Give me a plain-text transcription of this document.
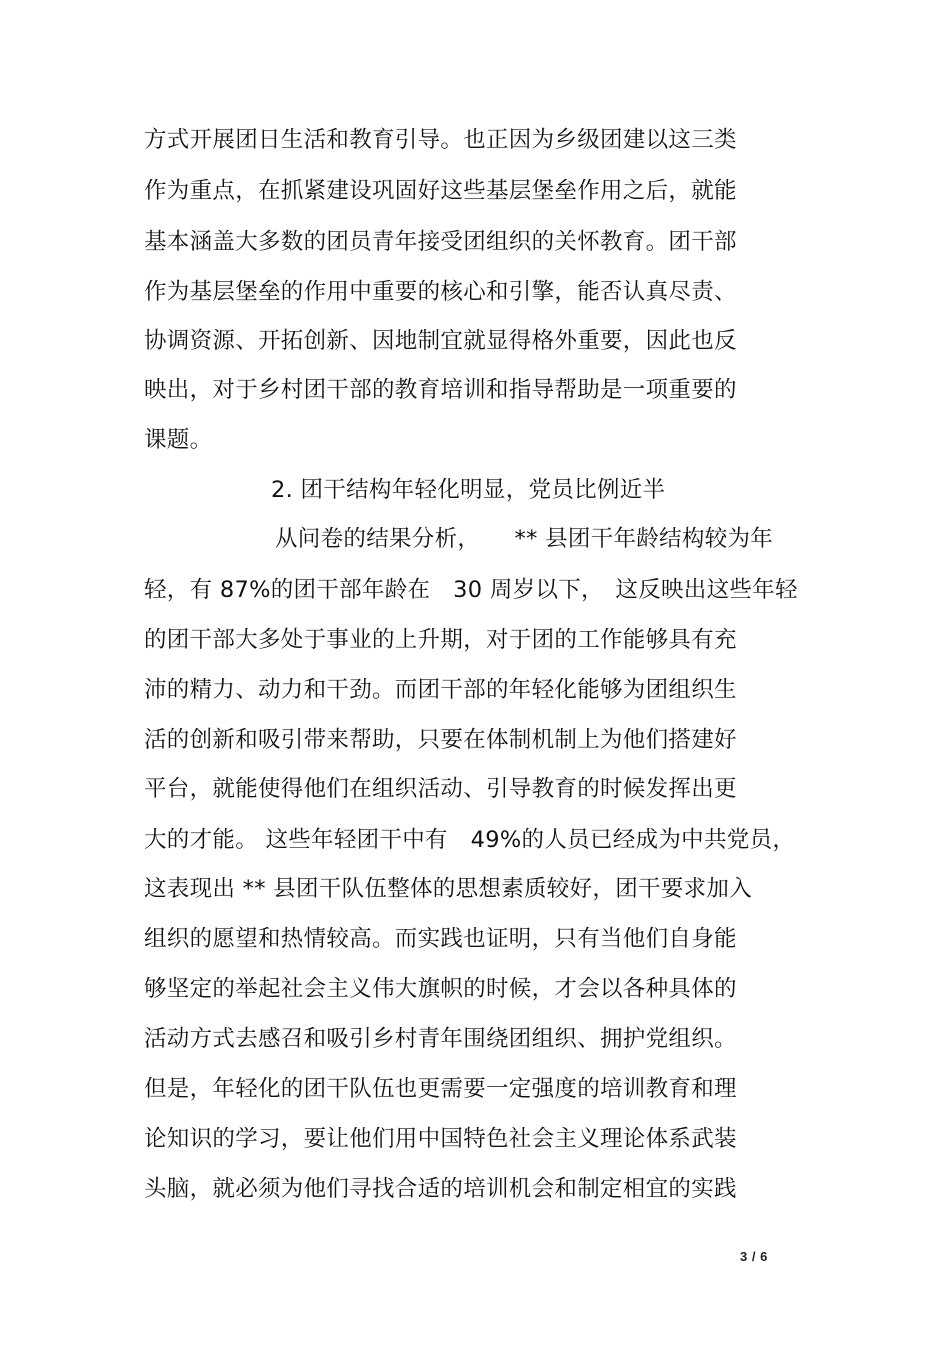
方式开展团日生活和教育引导。也正因为乡级团建以这三类
作为重点，在抓紧建设巩固好这些基层堡垒作用之后，就能
基本涵盖大多数的团员青年接受团组织的关怀教育。团干部
作为基层堡垒的作用中重要的核心和引擎，能否认真尽责、
协调资源、开拓创新、因地制宜就显得格外重要，因此也反
映出，对于乡村团干部的教育培训和指导帮助是一项重要的
课题。
2. 团干结构年轻化明显，党员比例近半
从问卷的结果分析，　　** 县团干年龄结构较为年
轻，有 87%的团干部年龄在　30 周岁以下，　这反映出这些年轻
的团干部大多处于事业的上升期，对于团的工作能够具有充
沛的精力、动力和干劲。而团干部的年轻化能够为团组织生
活的创新和吸引带来帮助，只要在体制机制上为他们搭建好
平台，就能使得他们在组织活动、引导教育的时候发挥出更
大的才能。 这些年轻团干中有　49%的人员已经成为中共党员，
这表现出 ** 县团干队伍整体的思想素质较好，团干要求加入
组织的愿望和热情较高。而实践也证明，只有当他们自身能
够坚定的举起社会主义伟大旗帜的时候，才会以各种具体的
活动方式去感召和吸引乡村青年围绕团组织、拥护党组织。
但是，年轻化的团干队伍也更需要一定强度的培训教育和理
论知识的学习，要让他们用中国特色社会主义理论体系武装
头脑，就必须为他们寻找合适的培训机会和制定相宜的实践
3 / 6
